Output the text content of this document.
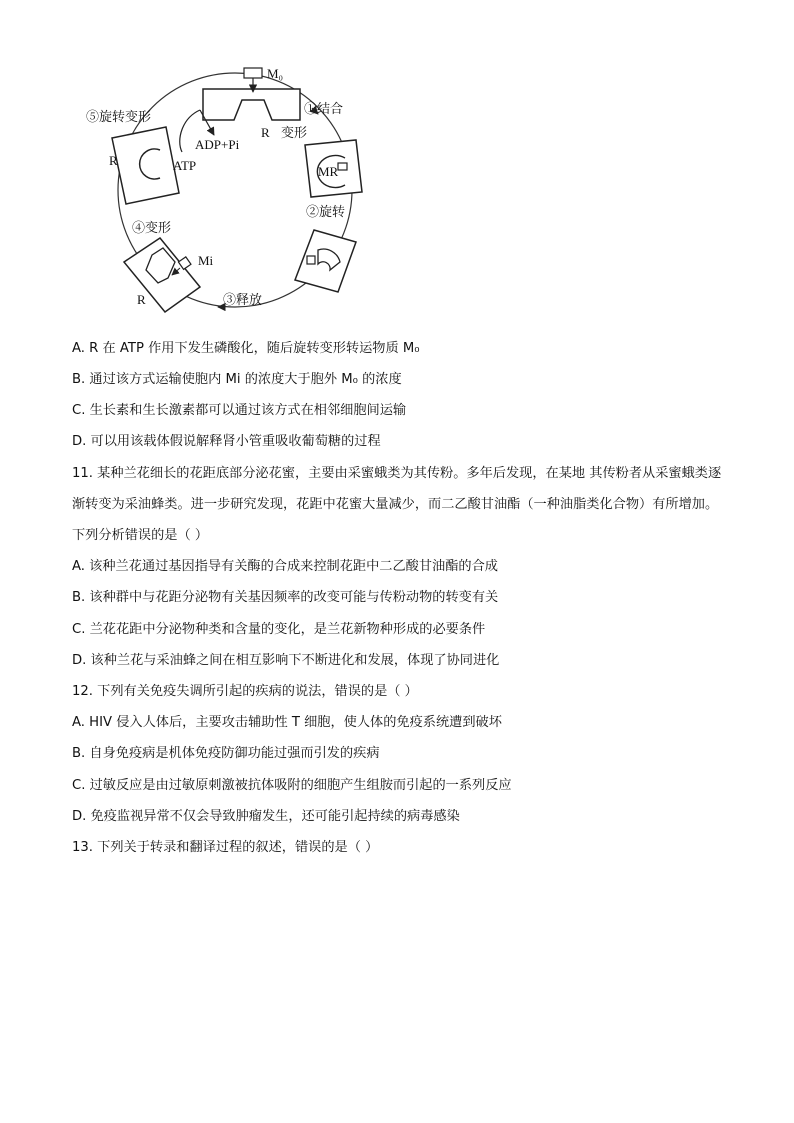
M₀
①结合
R 变形
⑤旋转变形
ADP+Pi
ATP
R
MR
②旋转
④变形
Mi
R	③释放
A. R 在 ATP 作用下发生磷酸化，随后旋转变形转运物质 M₀
B. 通过该方式运输使胞内 Mi 的浓度大于胞外 M₀ 的浓度
C. 生长素和生长激素都可以通过该方式在相邻细胞间运输
D. 可以用该载体假说解释肾小管重吸收葡萄糖的过程
11. 某种兰花细长的花距底部分泌花蜜，主要由采蜜蛾类为其传粉。多年后发现，在某地 其传粉者从采蜜蛾类逐渐转变为采油蜂类。进一步研究发现，花距中花蜜大量减少，而二乙酸甘油酯（一种油脂类化合物）有所增加。下列分析错误的是（ ）
A. 该种兰花通过基因指导有关酶的合成来控制花距中二乙酸甘油酯的合成
B. 该种群中与花距分泌物有关基因频率的改变可能与传粉动物的转变有关
C. 兰花花距中分泌物种类和含量的变化，是兰花新物种形成的必要条件
D. 该种兰花与采油蜂之间在相互影响下不断进化和发展，体现了协同进化
12. 下列有关免疫失调所引起的疾病的说法，错误的是（ ）
A. HIV 侵入人体后，主要攻击辅助性 T 细胞，使人体的免疫系统遭到破坏
B. 自身免疫病是机体免疫防御功能过强而引发的疾病
C. 过敏反应是由过敏原刺激被抗体吸附的细胞产生组胺而引起的一系列反应
D. 免疫监视异常不仅会导致肿瘤发生，还可能引起持续的病毒感染
13. 下列关于转录和翻译过程的叙述，错误的是（ ）
